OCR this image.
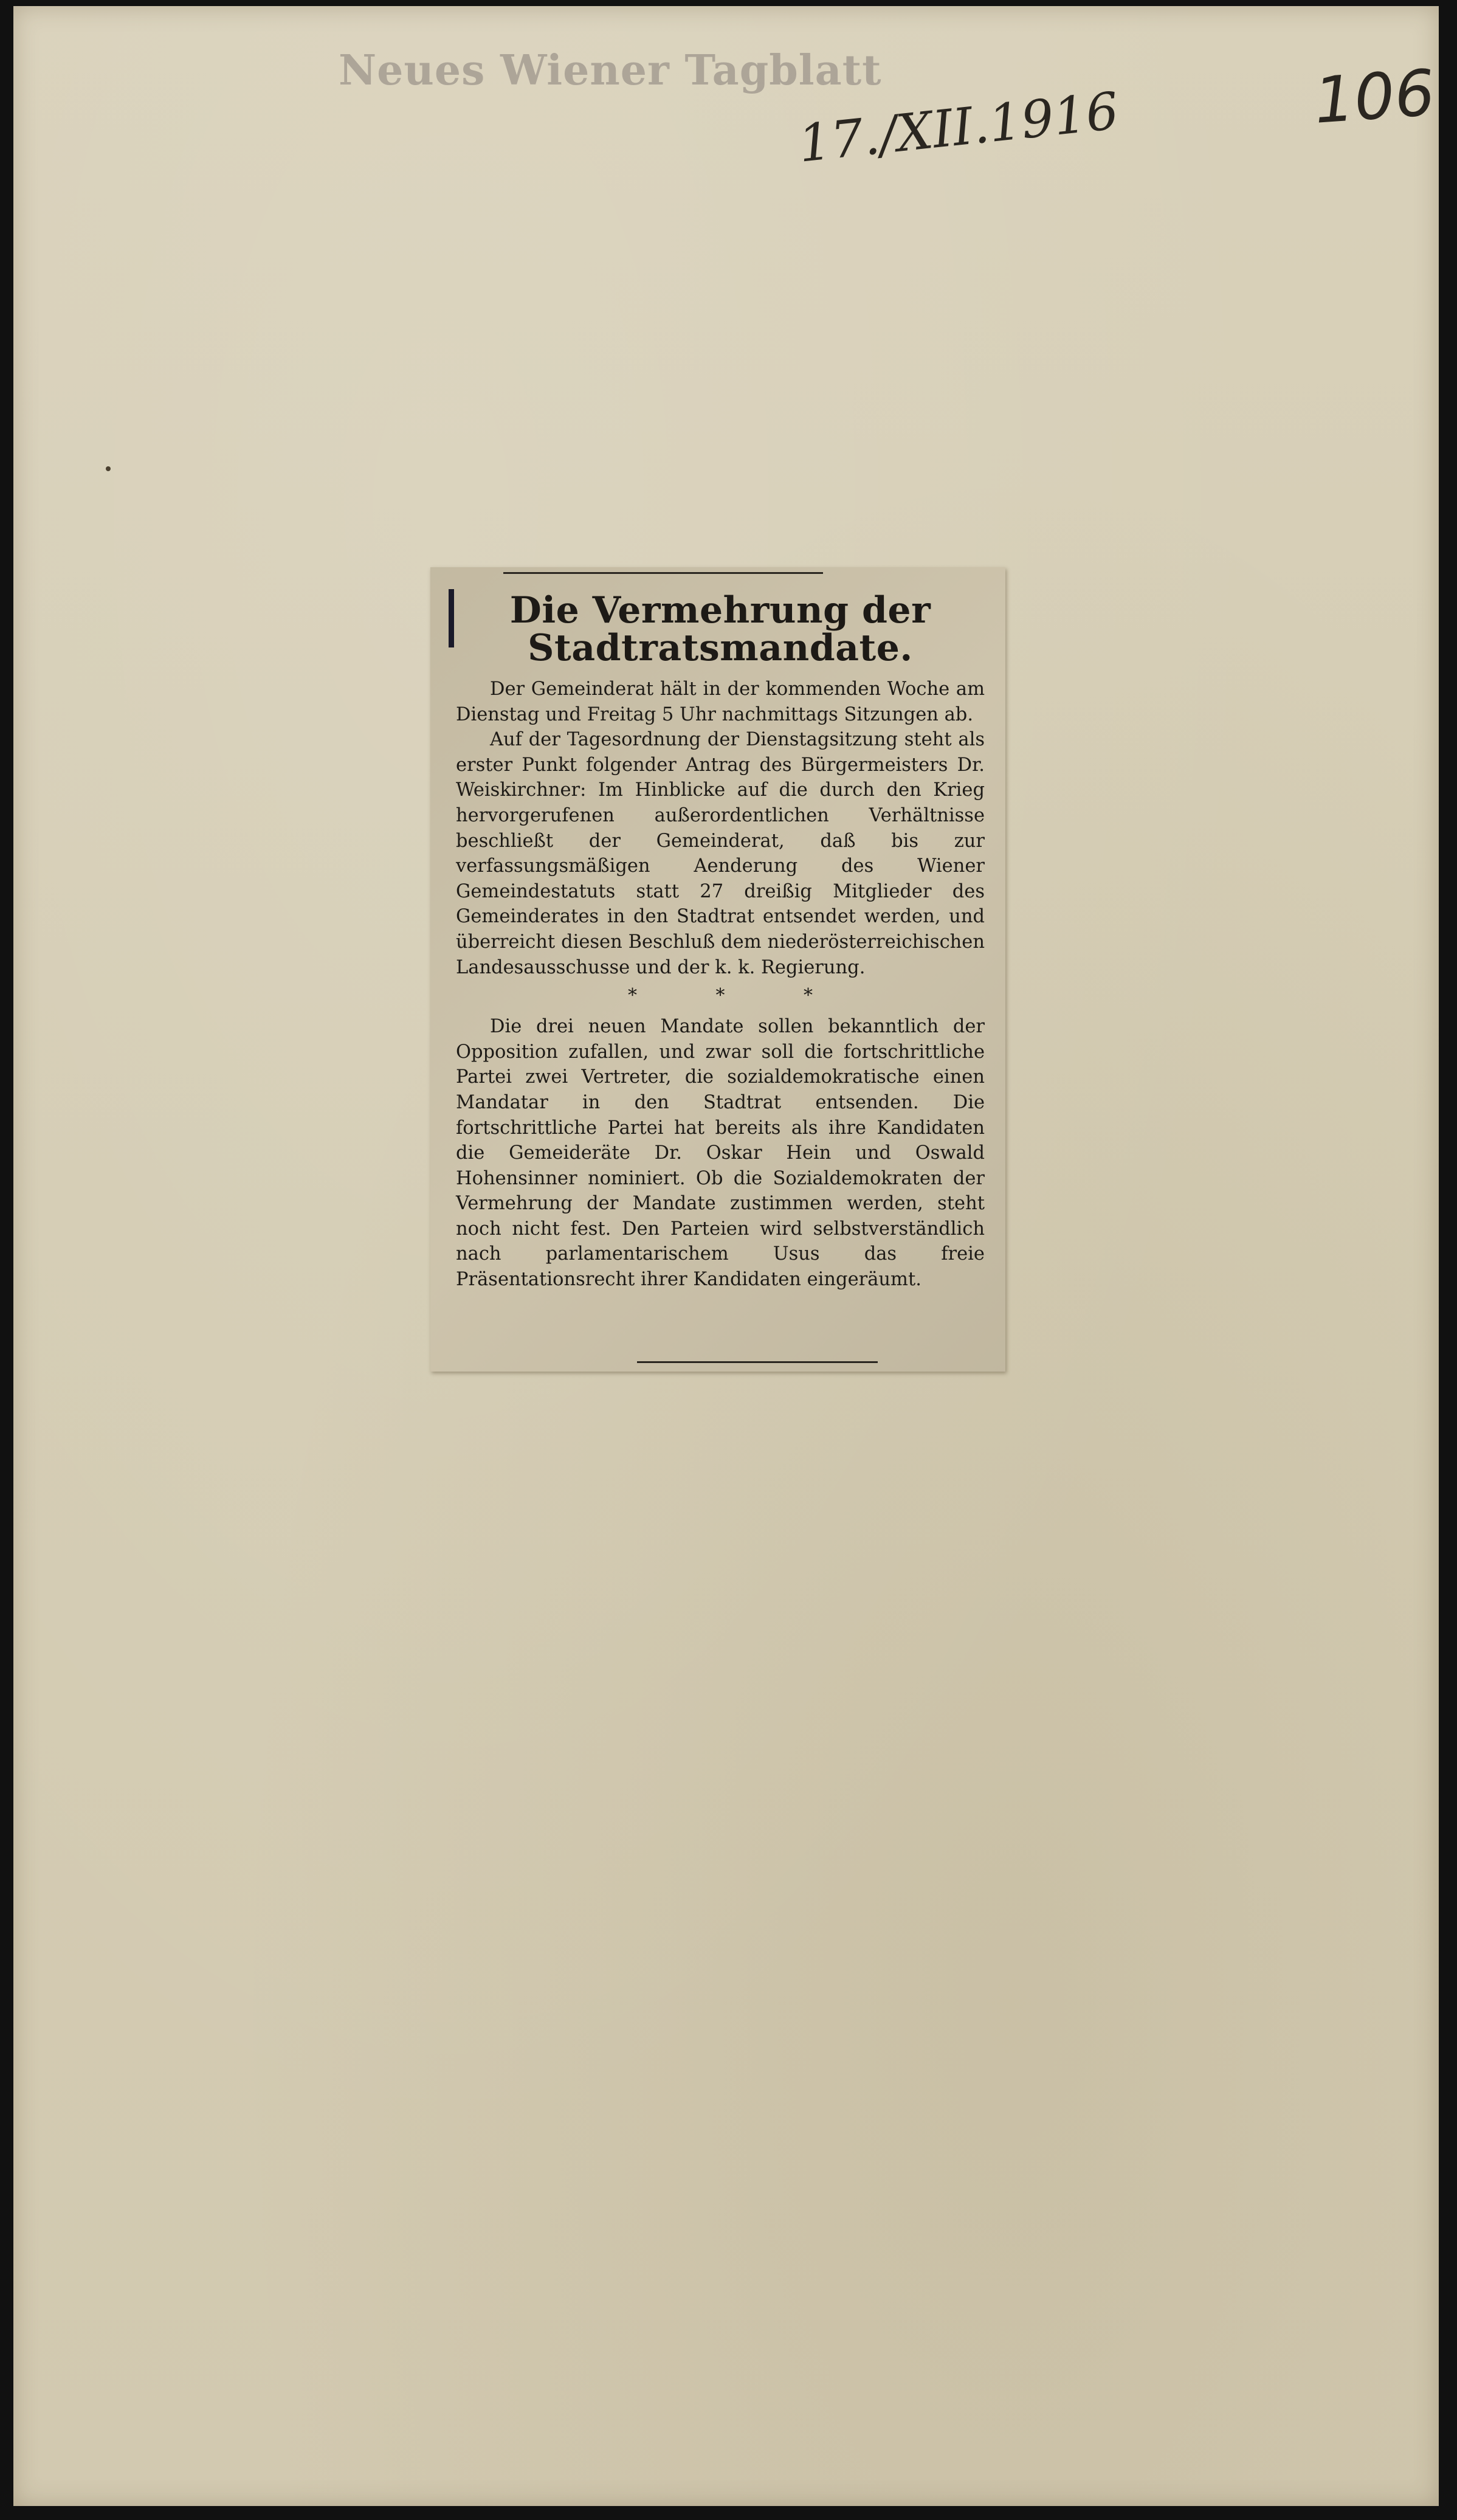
Neues Wiener Tagblatt
17./XII.1916	106
Die Vermehrung der Stadtratsmandate.

Der Gemeinderat hält in der kommenden Woche am Dienstag und Freitag 5 Uhr nachmittags Sitzungen ab.

Auf der Tagesordnung der Dienstagsitzung steht als erster Punkt folgender Antrag des Bürgermeisters Dr. Weiskirchner: Im Hinblicke auf die durch den Krieg hervorgerufenen außerordentlichen Verhältnisse beschließt der Gemeinderat, daß bis zur verfassungsmäßigen Aenderung des Wiener Gemeindestatuts statt 27 dreißig Mitglieder des Gemeinderates in den Stadtrat entsendet werden, und überreicht diesen Beschluß dem niederösterreichischen Landesausschusse und der k. k. Regierung.

* * *

Die drei neuen Mandate sollen bekanntlich der Opposition zufallen, und zwar soll die fortschrittliche Partei zwei Vertreter, die sozialdemokratische einen Mandatar in den Stadtrat entsenden. Die fortschrittliche Partei hat bereits als ihre Kandidaten die Gemeideräte Dr. Oskar Hein und Oswald Hohensinner nominiert. Ob die Sozialdemokraten der Vermehrung der Mandate zustimmen werden, steht noch nicht fest. Den Parteien wird selbstverständlich nach parlamentarischem Usus das freie Präsentationsrecht ihrer Kandidaten eingeräumt.
